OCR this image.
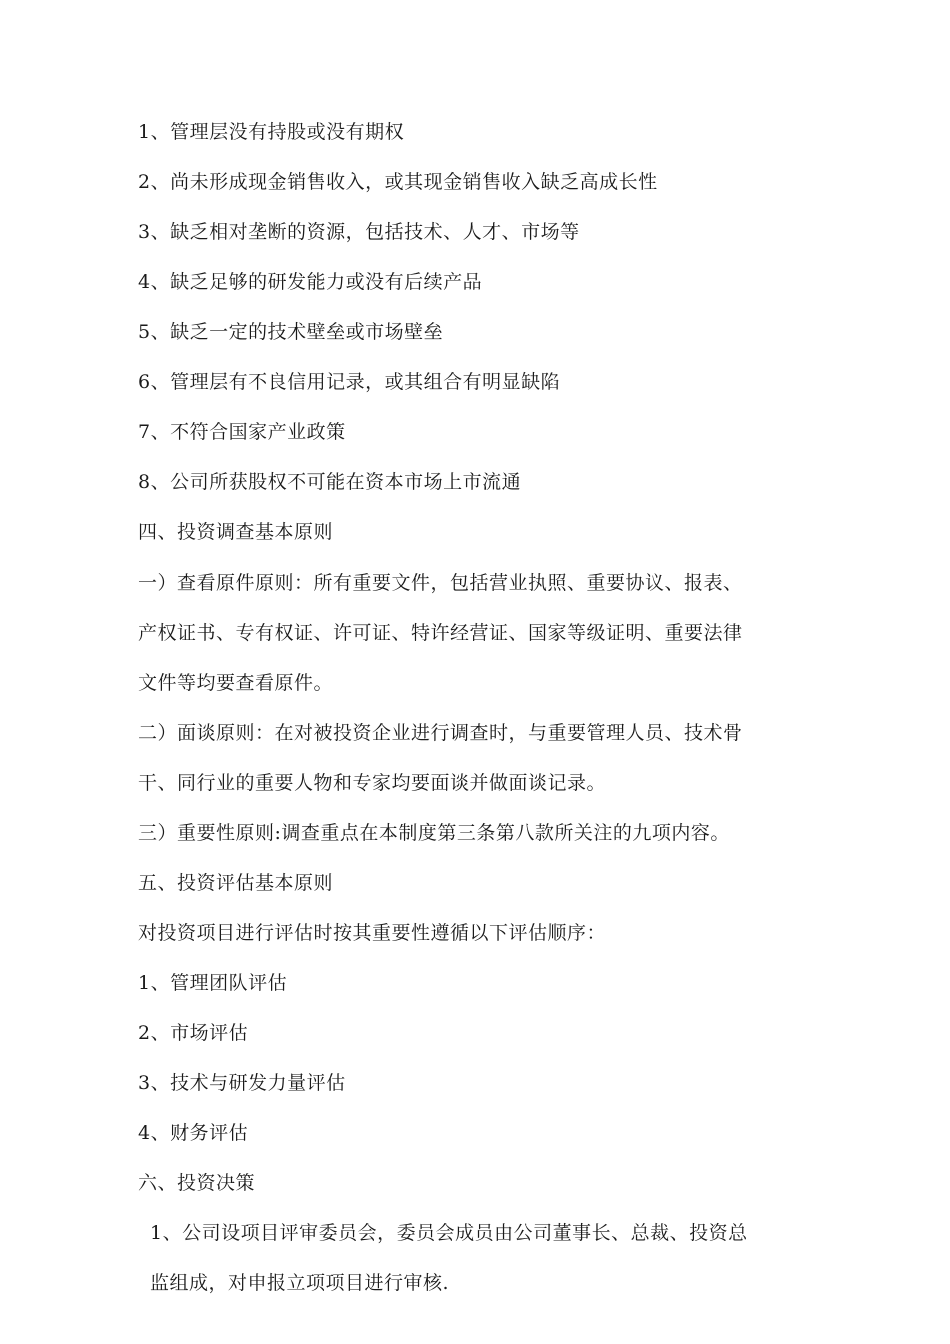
1、管理层没有持股或没有期权
2、尚未形成现金销售收入，或其现金销售收入缺乏高成长性
3、缺乏相对垄断的资源，包括技术、人才、市场等
4、缺乏足够的研发能力或没有后续产品
5、缺乏一定的技术壁垒或市场壁垒
6、管理层有不良信用记录，或其组合有明显缺陷
7、不符合国家产业政策
8、公司所获股权不可能在资本市场上市流通
四、投资调查基本原则
一）查看原件原则：所有重要文件，包括营业执照、重要协议、报表、
产权证书、专有权证、许可证、特许经营证、国家等级证明、重要法律
文件等均要查看原件。
二）面谈原则：在对被投资企业进行调查时，与重要管理人员、技术骨
干、同行业的重要人物和专家均要面谈并做面谈记录。
三）重要性原则:调查重点在本制度第三条第八款所关注的九项内容。
五、投资评估基本原则
对投资项目进行评估时按其重要性遵循以下评估顺序：
1、管理团队评估
2、市场评估
3、技术与研发力量评估
4、财务评估
六、投资决策
1、公司设项目评审委员会，委员会成员由公司董事长、总裁、投资总
监组成，对申报立项项目进行审核.
